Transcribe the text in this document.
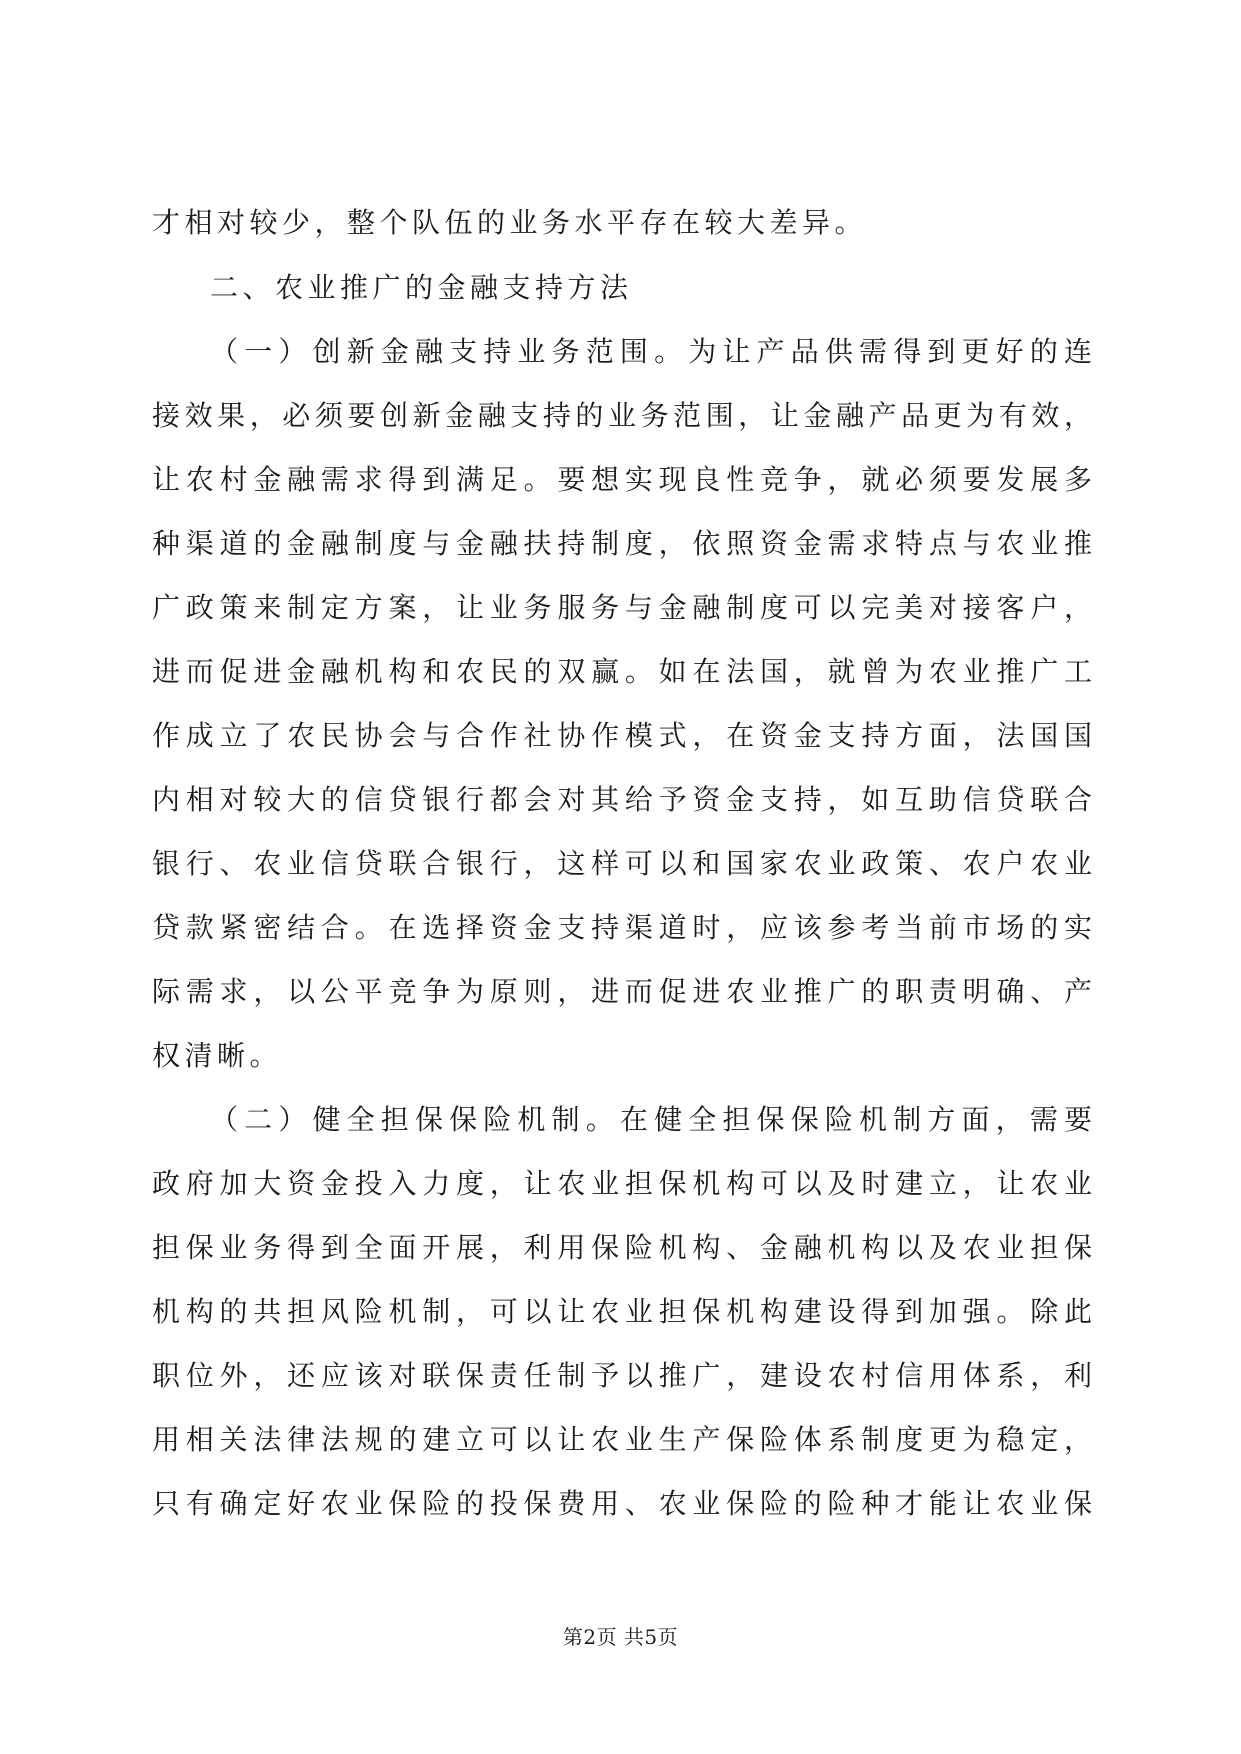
才相对较少，整个队伍的业务水平存在较大差异。
二、农业推广的金融支持方法
（一）创新金融支持业务范围。为让产品供需得到更好的连
接效果，必须要创新金融支持的业务范围，让金融产品更为有效，
让农村金融需求得到满足。要想实现良性竞争，就必须要发展多
种渠道的金融制度与金融扶持制度，依照资金需求特点与农业推
广政策来制定方案，让业务服务与金融制度可以完美对接客户，
进而促进金融机构和农民的双赢。如在法国，就曾为农业推广工
作成立了农民协会与合作社协作模式，在资金支持方面，法国国
内相对较大的信贷银行都会对其给予资金支持，如互助信贷联合
银行、农业信贷联合银行，这样可以和国家农业政策、农户农业
贷款紧密结合。在选择资金支持渠道时，应该参考当前市场的实
际需求，以公平竞争为原则，进而促进农业推广的职责明确、产
权清晰。
（二）健全担保保险机制。在健全担保保险机制方面，需要
政府加大资金投入力度，让农业担保机构可以及时建立，让农业
担保业务得到全面开展，利用保险机构、金融机构以及农业担保
机构的共担风险机制，可以让农业担保机构建设得到加强。除此
职位外，还应该对联保责任制予以推广，建设农村信用体系，利
用相关法律法规的建立可以让农业生产保险体系制度更为稳定，
只有确定好农业保险的投保费用、农业保险的险种才能让农业保
第2页 共5页
